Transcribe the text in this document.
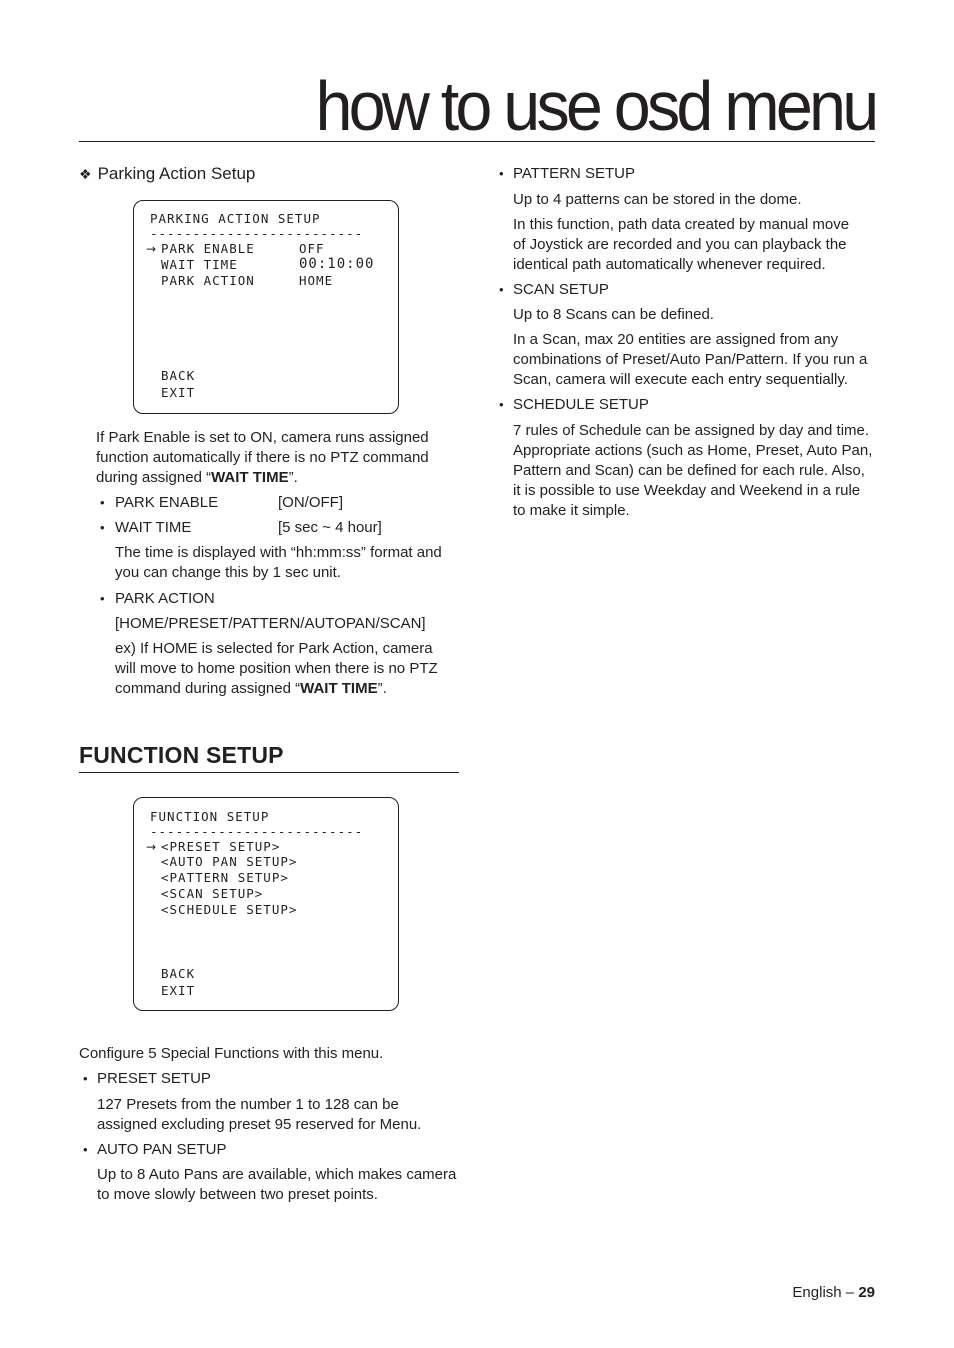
how to use osd menu
❖ Parking Action Setup
PARKING ACTION SETUP
-------------------------
→ PARK ENABLE	OFF
WAIT TIME	00:10:00
PARK ACTION	HOME
BACK
EXIT
If Park Enable is set to ON, camera runs assigned
function automatically if there is no PTZ command
during assigned “WAIT TIME”.
• PARK ENABLE	[ON/OFF]
• WAIT TIME	[5 sec ~ 4 hour]
The time is displayed with “hh:mm:ss” format and
you can change this by 1 sec unit.
• PARK ACTION
[HOME/PRESET/PATTERN/AUTOPAN/SCAN]
ex) If HOME is selected for Park Action, camera
will move to home position when there is no PTZ
command during assigned “WAIT TIME”.
FUNCTION SETUP
FUNCTION SETUP
-------------------------
→ <PRESET SETUP>
<AUTO PAN SETUP>
<PATTERN SETUP>
<SCAN SETUP>
<SCHEDULE SETUP>
BACK
EXIT
Configure 5 Special Functions with this menu.
• PRESET SETUP
127 Presets from the number 1 to 128 can be
assigned excluding preset 95 reserved for Menu.
• AUTO PAN SETUP
Up to 8 Auto Pans are available, which makes camera
to move slowly between two preset points.
• PATTERN SETUP
Up to 4 patterns can be stored in the dome.
In this function, path data created by manual move
of Joystick are recorded and you can playback the
identical path automatically whenever required.
• SCAN SETUP
Up to 8 Scans can be defined.
In a Scan, max 20 entities are assigned from any
combinations of Preset/Auto Pan/Pattern. If you run a
Scan, camera will execute each entry sequentially.
• SCHEDULE SETUP
7 rules of Schedule can be assigned by day and time.
Appropriate actions (such as Home, Preset, Auto Pan,
Pattern and Scan) can be defined for each rule. Also,
it is possible to use Weekday and Weekend in a rule
to make it simple.
English – 29
